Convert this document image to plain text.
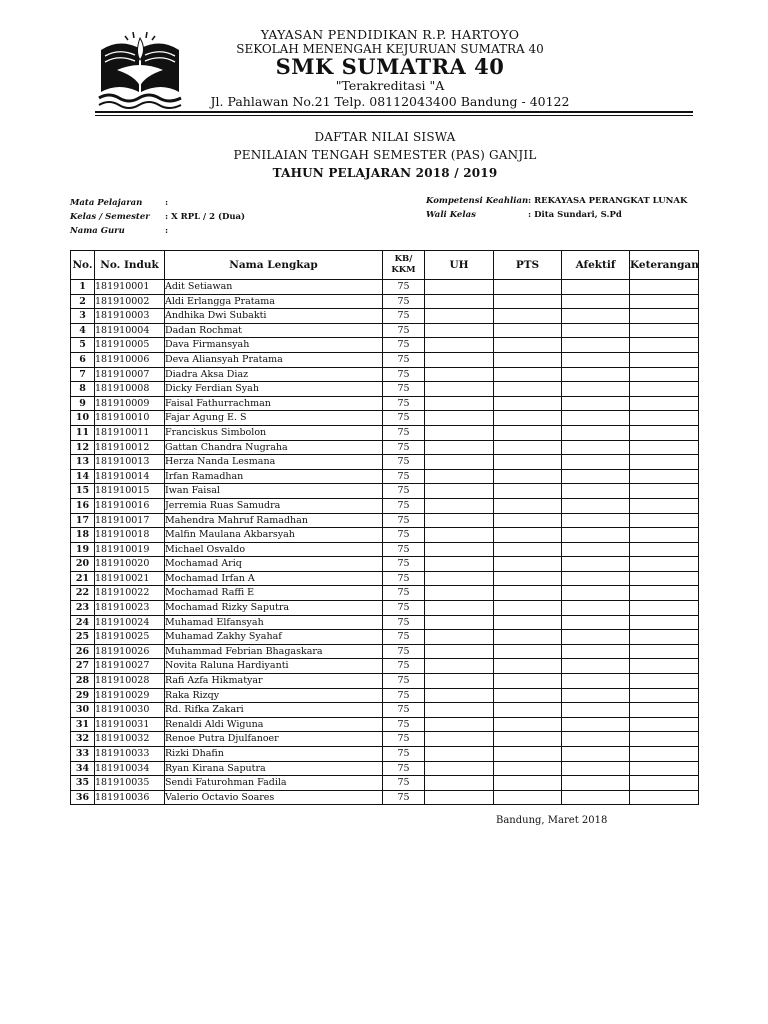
YAYASAN PENDIDIKAN R.P. HARTOYO
SEKOLAH MENENGAH KEJURUAN SUMATRA 40
SMK SUMATRA 40
"Terakreditasi "A
Jl. Pahlawan No.21 Telp. 08112043400 Bandung - 40122
DAFTAR NILAI SISWA
PENILAIAN TENGAH SEMESTER (PAS) GANJIL
TAHUN PELAJARAN 2018 / 2019
Mata Pelajaran	:
Kelas / Semester : X RPL / 2 (Dua)
Nama Guru	:
Kompetensi Keahlian : REKAYASA PERANGKAT LUNAK
Wali Kelas	: Dita Sundari, S.Pd
No.	No. Induk	Nama Lengkap	KB/
KKM	UH	PTS	Afektif	Keterangan
1	181910001	Adit Setiawan	75				
2	181910002	Aldi Erlangga Pratama	75				
3	181910003	Andhika Dwi Subakti	75				
4	181910004	Dadan Rochmat	75				
5	181910005	Dava Firmansyah	75				
6	181910006	Deva Aliansyah Pratama	75				
7	181910007	Diadra Aksa Diaz	75				
8	181910008	Dicky Ferdian Syah	75				
9	181910009	Faisal Fathurrachman	75				
10	181910010	Fajar Agung E. S	75				
11	181910011	Franciskus Simbolon	75				
12	181910012	Gattan Chandra Nugraha	75				
13	181910013	Herza Nanda Lesmana	75				
14	181910014	Irfan Ramadhan	75				
15	181910015	Iwan Faisal	75				
16	181910016	Jerremia Ruas Samudra	75				
17	181910017	Mahendra Mahruf Ramadhan	75				
18	181910018	Malfin Maulana Akbarsyah	75				
19	181910019	Michael Osvaldo	75				
20	181910020	Mochamad Ariq	75				
21	181910021	Mochamad Irfan A	75				
22	181910022	Mochamad Raffi E	75				
23	181910023	Mochamad Rizky Saputra	75				
24	181910024	Muhamad Elfansyah	75				
25	181910025	Muhamad Zakhy Syahaf	75				
26	181910026	Muhammad Febrian Bhagaskara	75				
27	181910027	Novita Raluna Hardiyanti	75				
28	181910028	Rafi Azfa Hikmatyar	75				
29	181910029	Raka Rizqy	75				
30	181910030	Rd. Rifka Zakari	75				
31	181910031	Renaldi Aldi Wiguna	75				
32	181910032	Renoe Putra Djulfanoer	75				
33	181910033	Rizki Dhafin	75				
34	181910034	Ryan Kirana Saputra	75				
35	181910035	Sendi Faturohman Fadila	75				
36	181910036	Valerio Octavio Soares	75				
Bandung, Maret 2018
